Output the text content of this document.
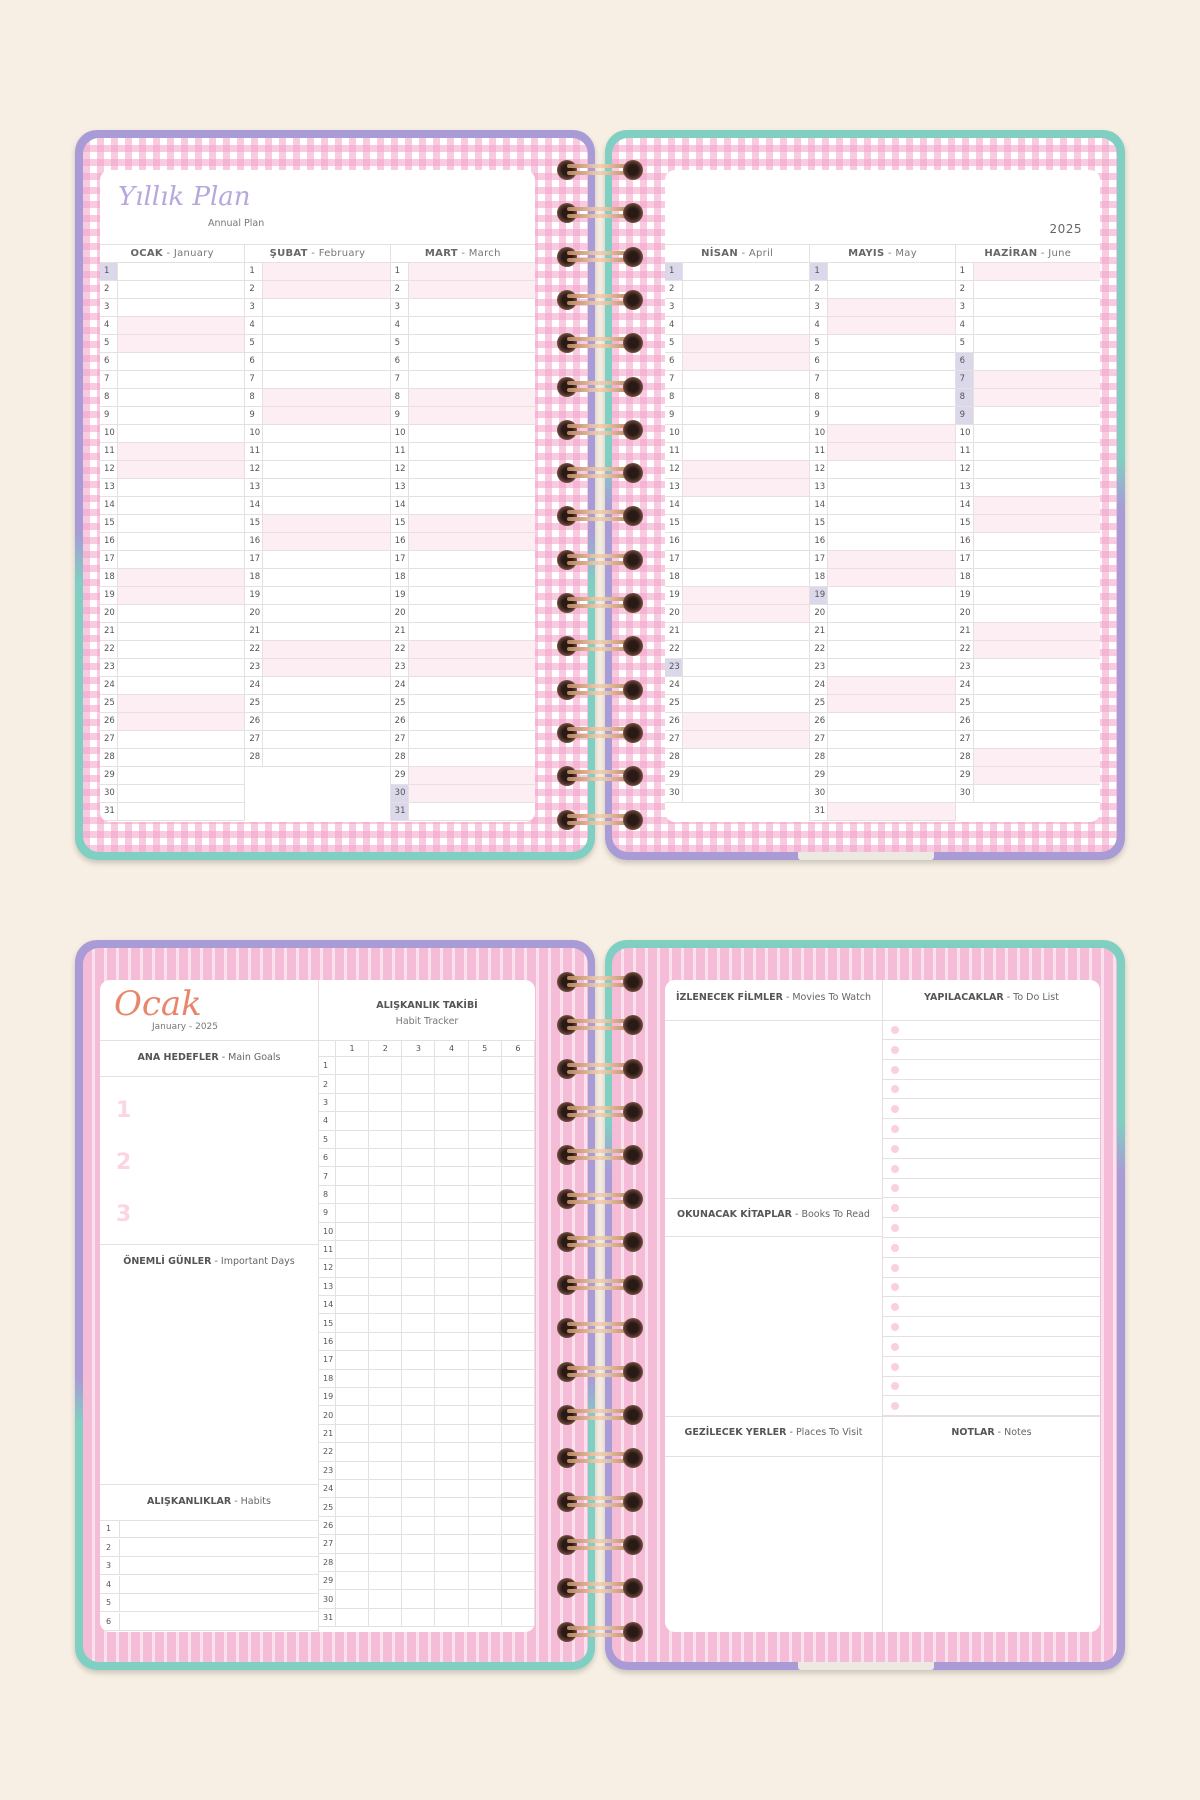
Yıllık Plan
Annual Plan
OCAK - January
1
2
3
4
5
6
7
8
9
10
11
12
13
14
15
16
17
18
19
20
21
22
23
24
25
26
27
28
29
30
31
ŞUBAT - February
1
2
3
4
5
6
7
8
9
10
11
12
13
14
15
16
17
18
19
20
21
22
23
24
25
26
27
28
MART - March
1
2
3
4
5
6
7
8
9
10
11
12
13
14
15
16
17
18
19
20
21
22
23
24
25
26
27
28
29
30
31
2025
NİSAN - April
1
2
3
4
5
6
7
8
9
10
11
12
13
14
15
16
17
18
19
20
21
22
23
24
25
26
27
28
29
30
MAYIS - May
1
2
3
4
5
6
7
8
9
10
11
12
13
14
15
16
17
18
19
20
21
22
23
24
25
26
27
28
29
30
31
HAZİRAN - June
1
2
3
4
5
6
7
8
9
10
11
12
13
14
15
16
17
18
19
20
21
22
23
24
25
26
27
28
29
30
Ocak
January - 2025
ANA HEDEFLER - Main Goals
1
2
3
ÖNEMLİ GÜNLER - Important Days
ALIŞKANLIKLAR - Habits
1
2
3
4
5
6
ALIŞKANLIK TAKİBİ
Habit Tracker
	1	2	3	4	5	6
1						
2						
3						
4						
5						
6						
7						
8						
9						
10						
11						
12						
13						
14						
15						
16						
17						
18						
19						
20						
21						
22						
23						
24						
25						
26						
27						
28						
29						
30						
31						
İZLENECEK FİLMLER - Movies To Watch	YAPILACAKLAR - To Do List
OKUNACAK KİTAPLAR - Books To Read
GEZİLECEK YERLER - Places To Visit	NOTLAR - Notes
